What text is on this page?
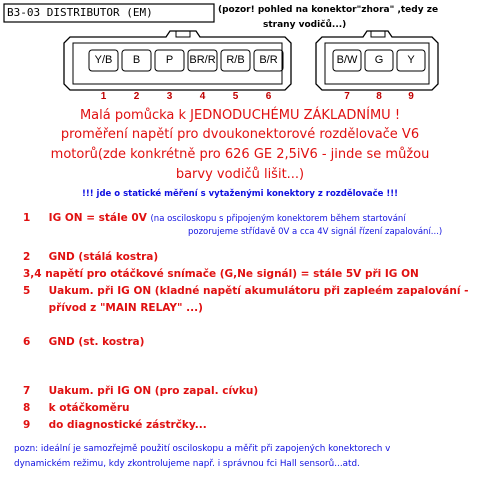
B3-03 DISTRIBUTOR (EM)	(pozor! pohled na konektor"zhora" ,tedy ze
strany vodičů...)
Y/B	B	P	BR/R R/B	B/R
1	2	3	4	5	6
B/W	G	Y
7	8	9
Malá pomůcka k JEDNODUCHÉMU ZÁKLADNÍMU !
proměření napětí pro dvoukonektorové rozdělovače V6
motorů(zde konkrétně pro 626 GE 2,5iV6 - jinde se můžou
barvy vodičů lišit...)
!!! jde o statické měření s vytaženými konektory z rozdělovače !!!
1 IG ON = stále 0V (na osciloskopu s připojeným konektorem během startování
pozorujeme střídavě 0V a cca 4V signál řízení zapalování...)
2 GND (stálá kostra)
3,4 napětí pro otáčkové snímače (G,Ne signál) = stále 5V při IG ON
5 Uakum. při IG ON (kladné napětí akumulátoru při zapleém zapalování -
přívod z "MAIN RELAY" ...)
6 GND (st. kostra)
7 Uakum. při IG ON (pro zapal. cívku)
8 k otáčkoměru
9 do diagnostické zástrčky...
pozn: ideální je samozřejmě použití osciloskopu a měřit při zapojených konektorech v
dynamickém režimu, kdy zkontrolujeme např. i správnou fci Hall sensorů...atd.
